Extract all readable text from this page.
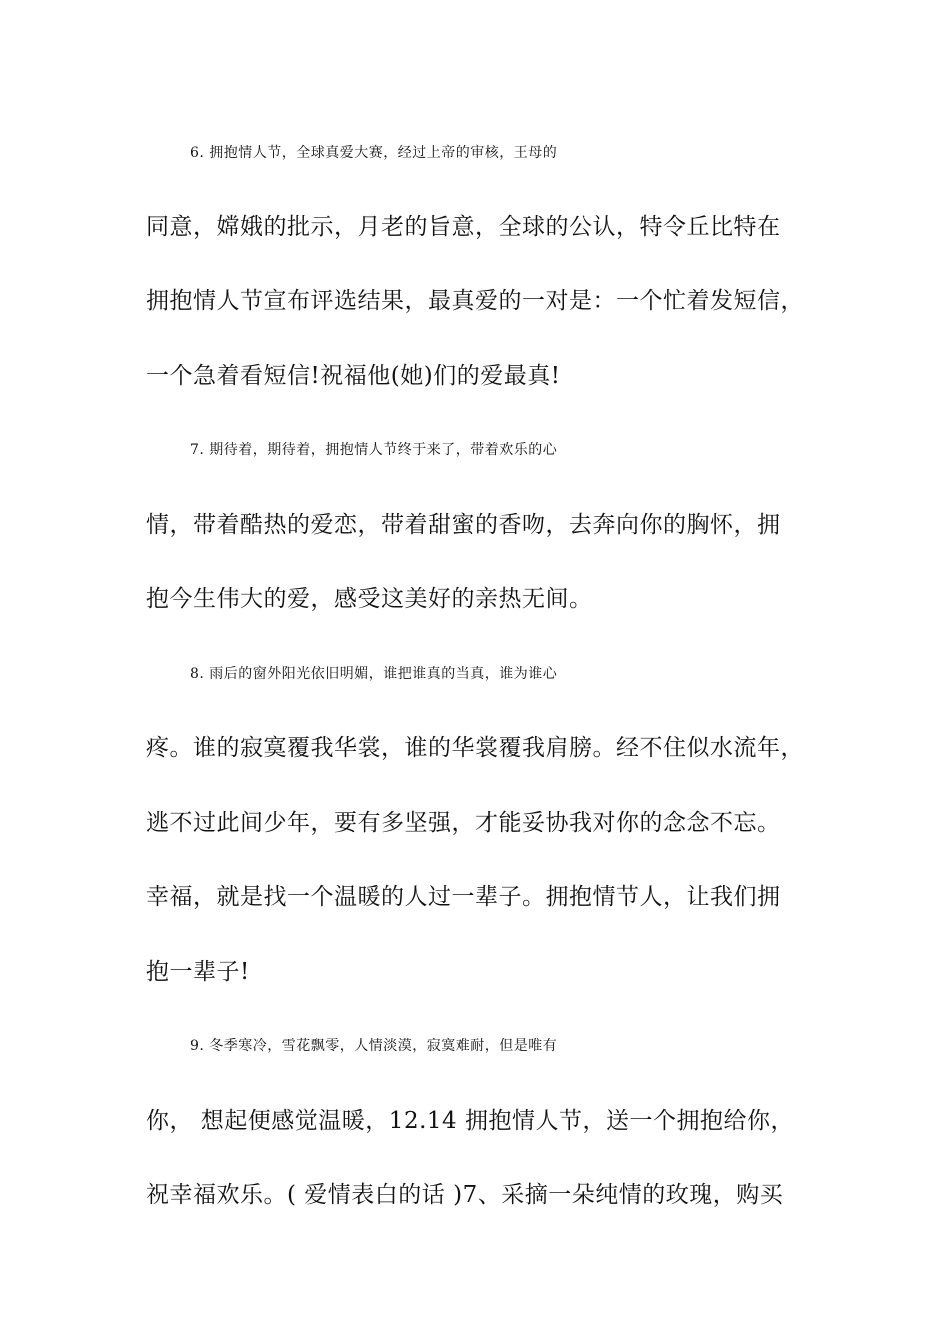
6. 拥抱情人节，全球真爱大赛，经过上帝的审核，王母的
同意，嫦娥的批示，月老的旨意，全球的公认，特令丘比特在
拥抱情人节宣布评选结果，最真爱的一对是：一个忙着发短信，
一个急着看短信!祝福他(她)们的爱最真!
7. 期待着，期待着，拥抱情人节终于来了，带着欢乐的心
情，带着酷热的爱恋，带着甜蜜的香吻，去奔向你的胸怀，拥
抱今生伟大的爱，感受这美好的亲热无间。
8. 雨后的窗外阳光依旧明媚，谁把谁真的当真，谁为谁心
疼。谁的寂寞覆我华裳，谁的华裳覆我肩膀。经不住似水流年，
逃不过此间少年，要有多坚强，才能妥协我对你的念念不忘。
幸福，就是找一个温暖的人过一辈子。拥抱情节人，让我们拥
抱一辈子!
9. 冬季寒冷，雪花飘零，人情淡漠，寂寞难耐，但是唯有
你， 想起便感觉温暖，12.14 拥抱情人节，送一个拥抱给你，
祝幸福欢乐。( 爱情表白的话 )7、采摘一朵纯情的玫瑰，购买
